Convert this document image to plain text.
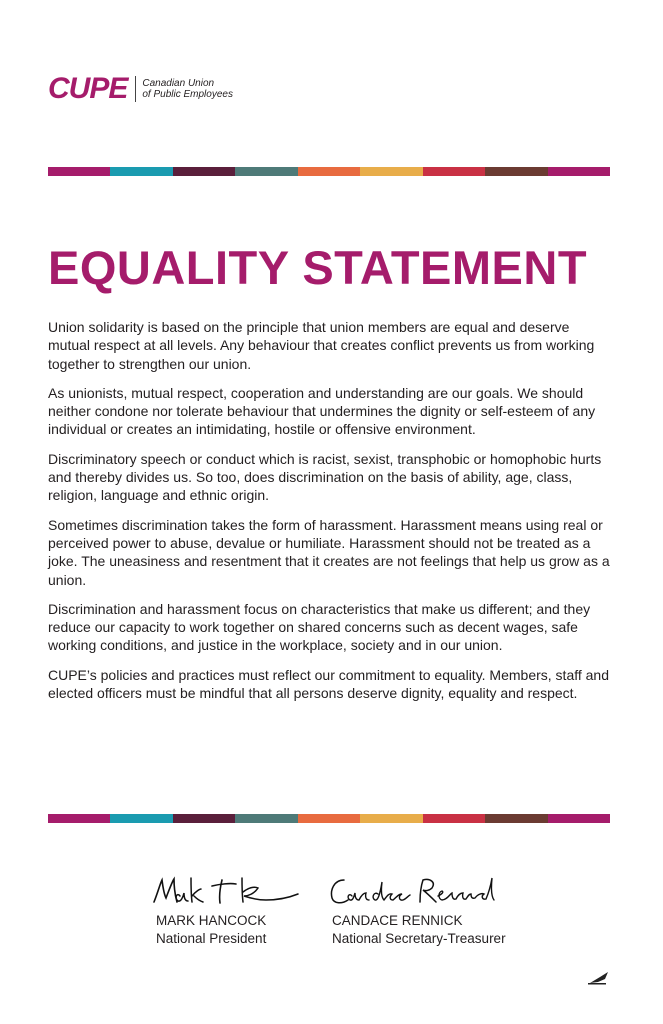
CUPE Canadian Union
of Public Employees
EQUALITY STATEMENT

Union solidarity is based on the principle that union members are equal and deserve mutual respect at all levels. Any behaviour that creates conflict prevents us from working together to strengthen our union.

As unionists, mutual respect, cooperation and understanding are our goals. We should neither condone nor tolerate behaviour that undermines the dignity or self-esteem of any individual or creates an intimidating, hostile or offensive environment.

Discriminatory speech or conduct which is racist, sexist, transphobic or homophobic hurts and thereby divides us. So too, does discrimination on the basis of ability, age, class, religion, language and ethnic origin.

Sometimes discrimination takes the form of harassment. Harassment means using real or perceived power to abuse, devalue or humiliate. Harassment should not be treated as a joke. The uneasiness and resentment that it creates are not feelings that help us grow as a union.

Discrimination and harassment focus on characteristics that make us different; and they reduce our capacity to work together on shared concerns such as decent wages, safe working conditions, and justice in the workplace, society and in our union.

CUPE’s policies and practices must reflect our commitment to equality. Members, staff and elected officers must be mindful that all persons deserve dignity, equality and respect.

MARK HANCOCK
National President
CANDACE RENNICK
National Secretary-Treasurer
